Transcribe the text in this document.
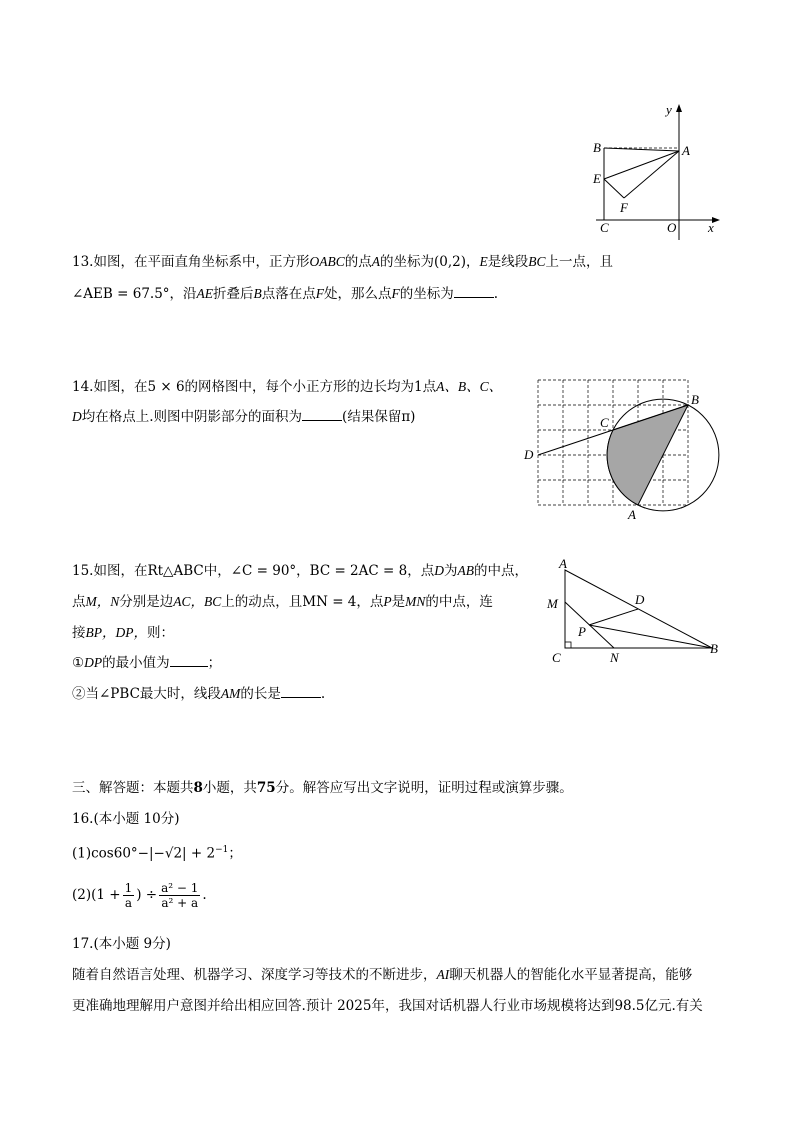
y
B	A
E
F
C	O x
13.如图，在平面直角坐标系中，正方形OABC的点A的坐标为(0,2)，E是线段BC上一点，且
∠AEB = 67.5°，沿AE折叠后B点落在点F处，那么点F的坐标为	.
14.如图，在5 × 6的网格图中，每个小正方形的边长均为1点A、B、C、
D均在格点上.则图中阴影部分的面积为	(结果保留π)
B
C
D
A
15.如图，在Rt△ABC中，∠C = 90°，BC = 2AC = 8，点D为AB的中点，
点M，N分别是边AC，BC上的动点，且MN = 4，点P是MN的中点，连
接BP，DP，则：
①DP的最小值为	；
②当∠PBC最大时，线段AM的长是	.
A
D
M
P
C	N
B
三、解答题：本题共8小题，共75分。解答应写出文字说明，证明过程或演算步骤。
16.(本小题 10分)
$(1)\cos 60^\circ-|-√2| + 2^{-1}$；
$(2)(1 + \frac{1}{a}$ ) ÷ $\frac{\text{a² − 1}}{\text{a² + a}}$ .
17.(本小题 9分)
随着自然语言处理、机器学习、深度学习等技术的不断进步，AI聊天机器人的智能化水平显著提高，能够
更准确地理解用户意图并给出相应回答.预计 2025年，我国对话机器人行业市场规模将达到98.5亿元.有关
